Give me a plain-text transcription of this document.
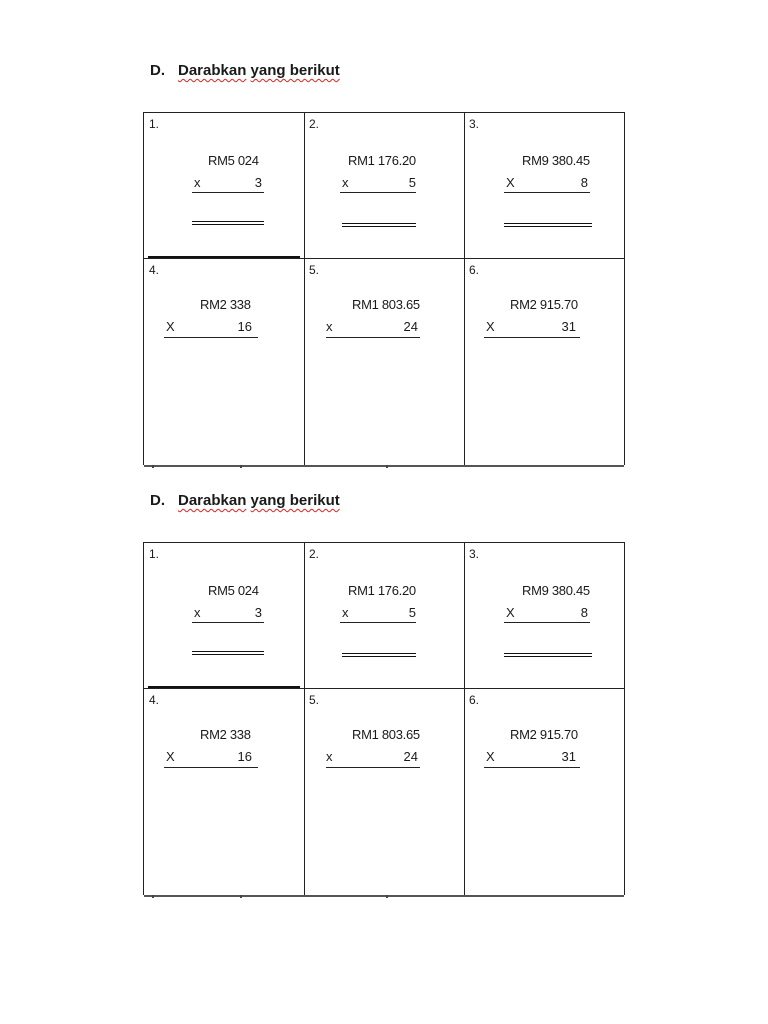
D. Darabkan yang berikut
1.
RM5 024
x	3
2.
RM1 176.20
x	5
3.
RM9 380.45
X	8
4.
RM2 338
X	16
5.
RM1 803.65
x	24
6.
RM2 915.70
X	31
D. Darabkan yang berikut
1.
RM5 024
x	3
2.
RM1 176.20
x	5
3.
RM9 380.45
X	8
4.
RM2 338
X	16
5.
RM1 803.65
x	24
6.
RM2 915.70
X	31
